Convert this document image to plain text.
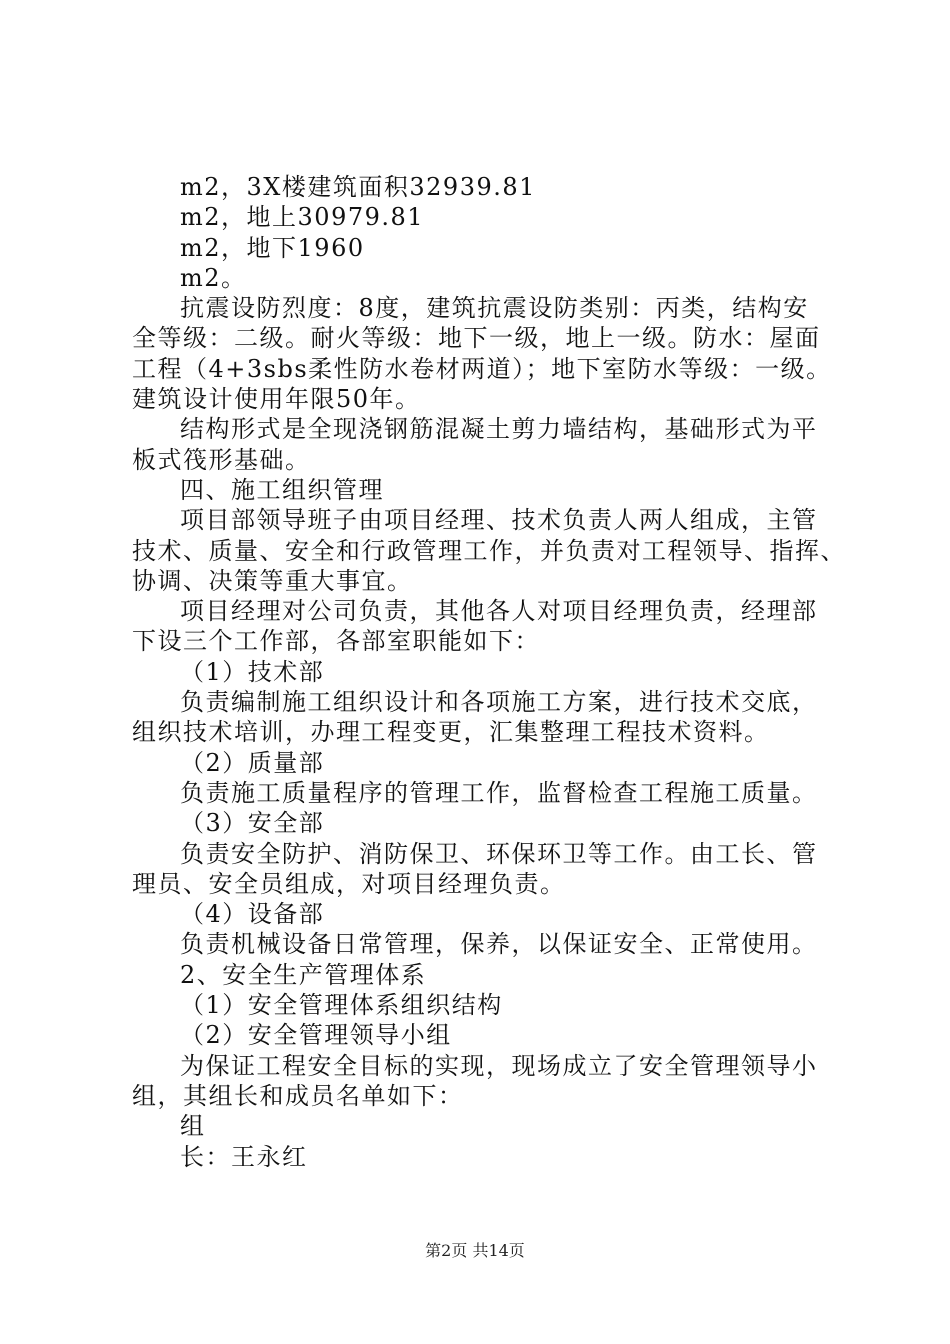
m2，3X楼建筑面积32939.81
m2，地上30979.81
m2，地下1960
m2。
抗震设防烈度：8度，建筑抗震设防类别：丙类，结构安
全等级：二级。耐火等级：地下一级，地上一级。防水：屋面
工程（4+3sbs柔性防水卷材两道）；地下室防水等级：一级。
建筑设计使用年限50年。
结构形式是全现浇钢筋混凝土剪力墙结构，基础形式为平
板式筏形基础。
四、施工组织管理
项目部领导班子由项目经理、技术负责人两人组成，主管
技术、质量、安全和行政管理工作，并负责对工程领导、指挥、
协调、决策等重大事宜。
项目经理对公司负责，其他各人对项目经理负责，经理部
下设三个工作部，各部室职能如下：
（1）技术部
负责编制施工组织设计和各项施工方案，进行技术交底，
组织技术培训，办理工程变更，汇集整理工程技术资料。
（2）质量部
负责施工质量程序的管理工作，监督检查工程施工质量。
（3）安全部
负责安全防护、消防保卫、环保环卫等工作。由工长、管
理员、安全员组成，对项目经理负责。
（4）设备部
负责机械设备日常管理，保养，以保证安全、正常使用。
2、安全生产管理体系
（1）安全管理体系组织结构
（2）安全管理领导小组
为保证工程安全目标的实现，现场成立了安全管理领导小
组，其组长和成员名单如下：
组
长：王永红
第2页 共14页
